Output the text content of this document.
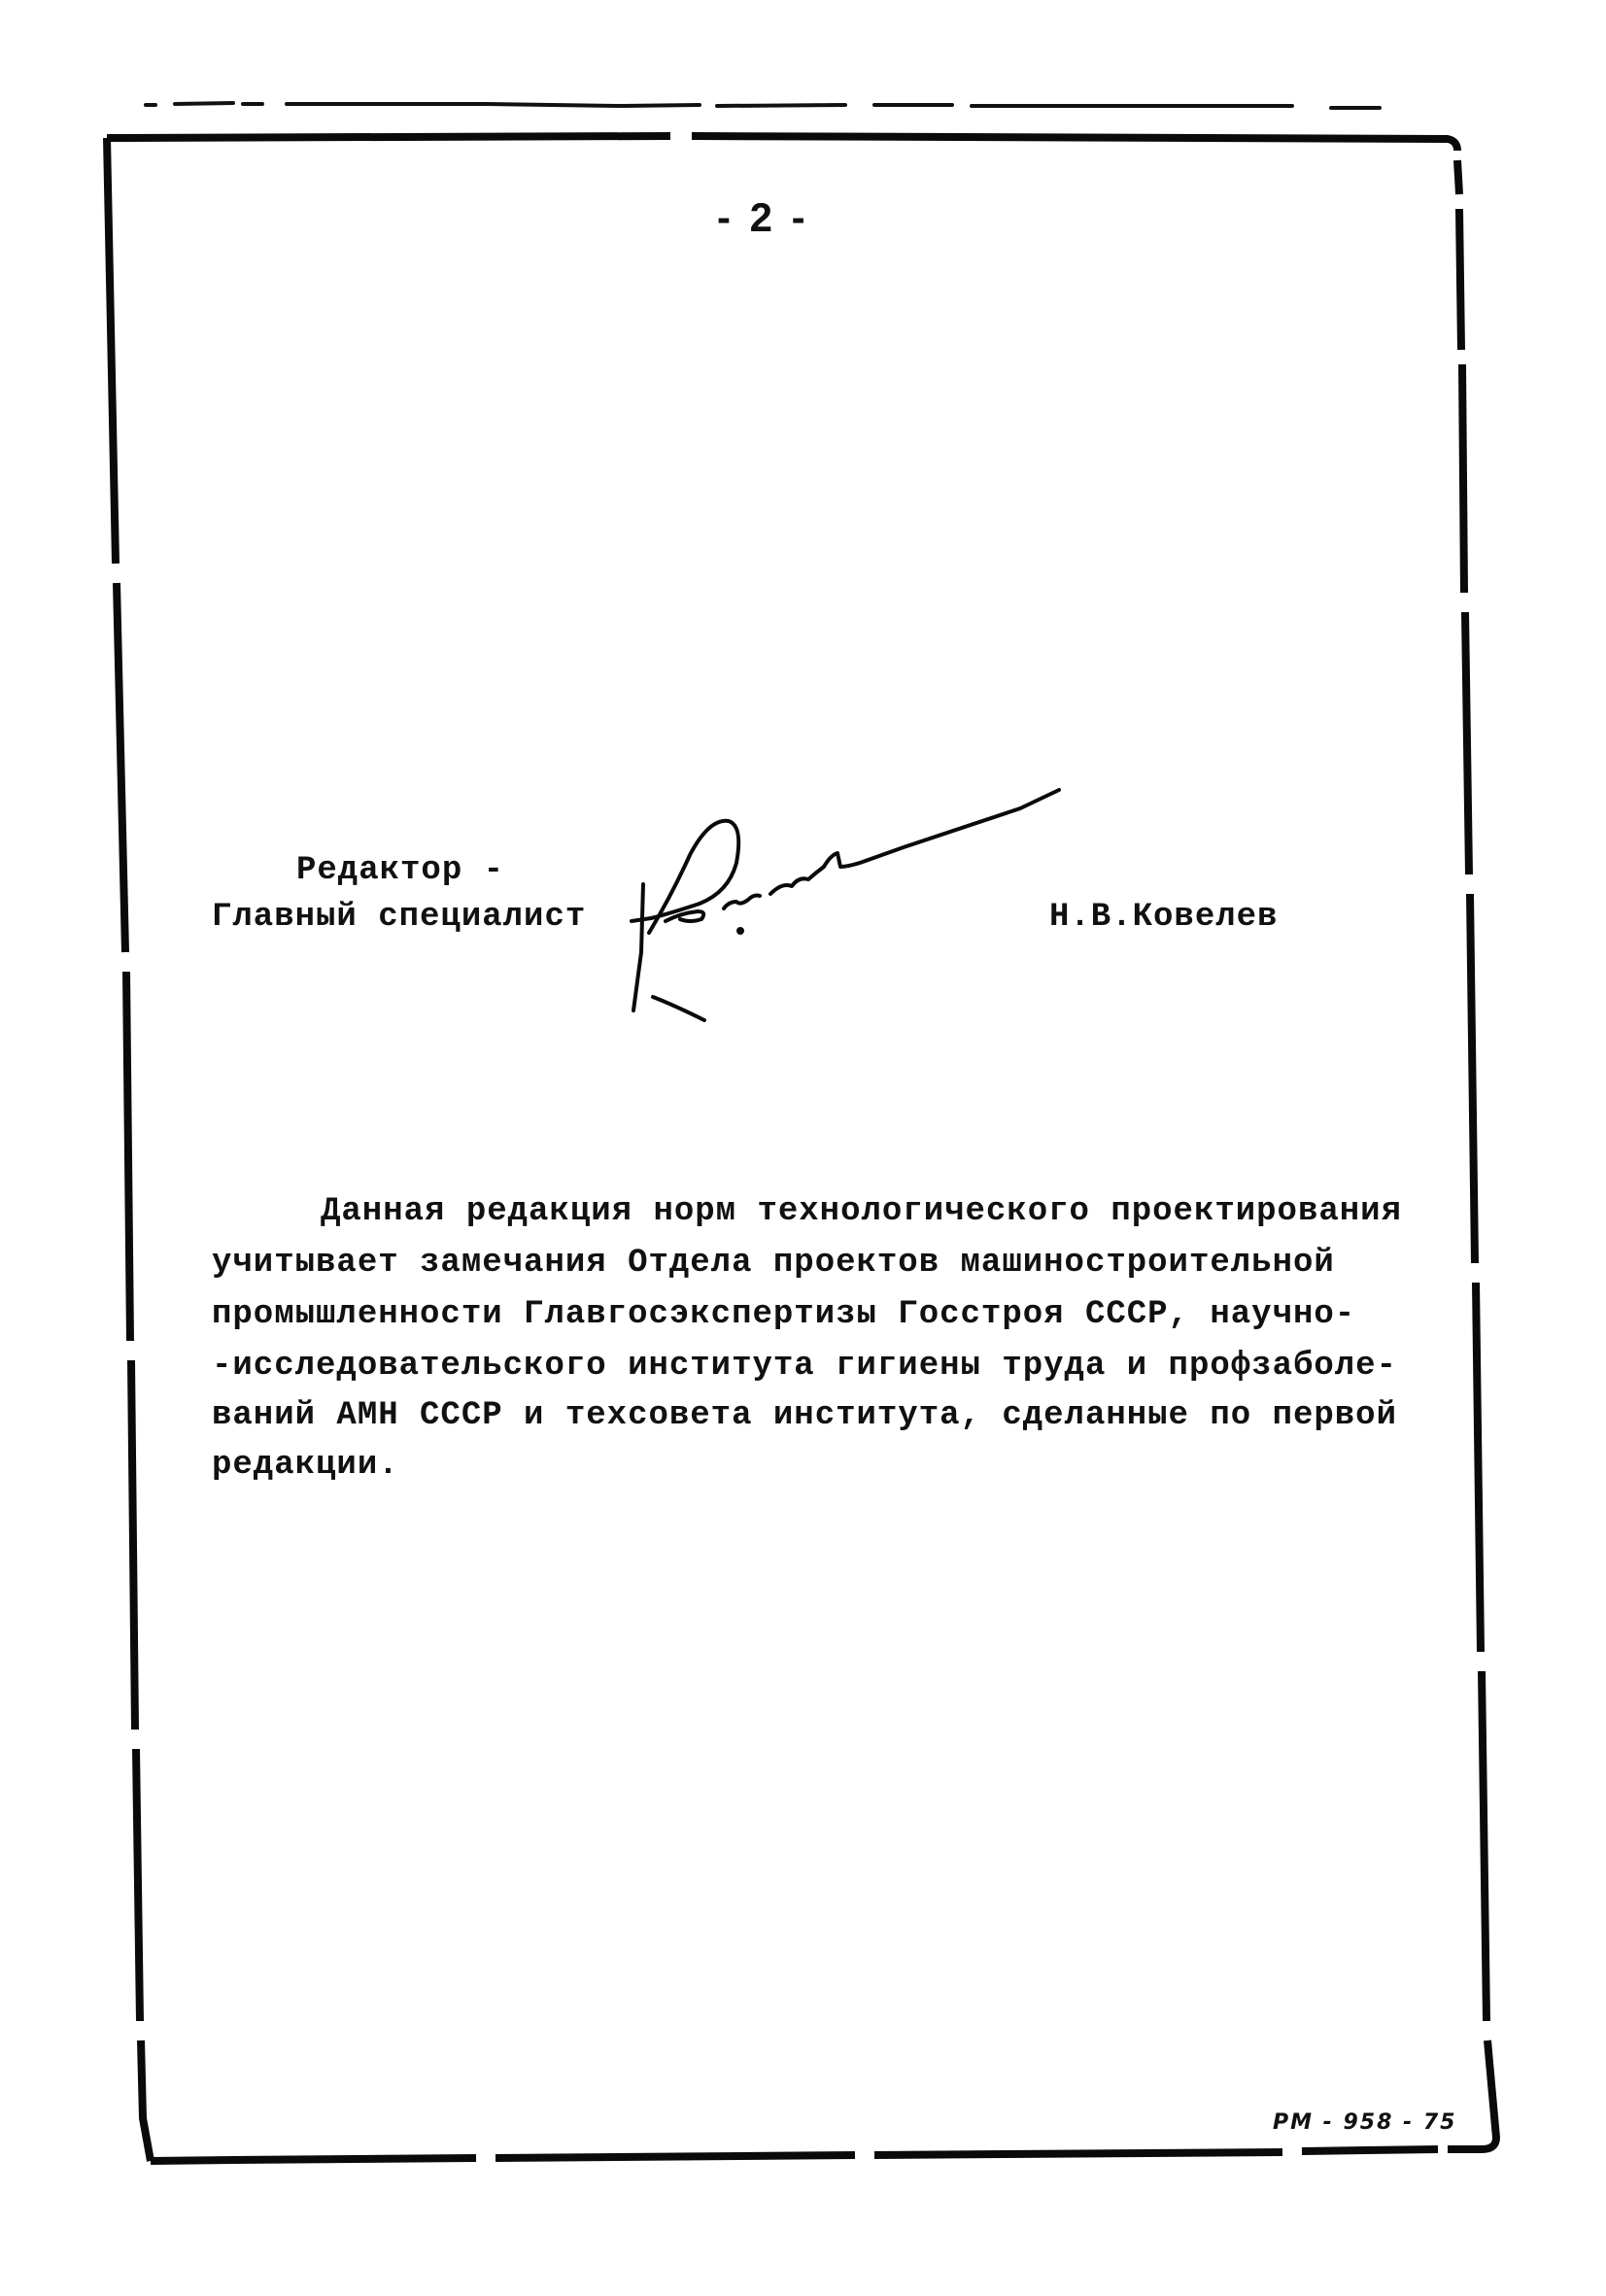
- 2 -
Редактор -
Главный специалист	Н.В.Ковелев
Данная редакция норм технологического проектирования
учитывает замечания Отдела проектов машиностроительной
промышленности Главгосэкспертизы Госстроя СССР, научно-
-исследовательского института гигиены труда и профзаболе-
ваний АМН СССР и техсовета института, сделанные по первой
редакции.
РМ - 958 - 75
